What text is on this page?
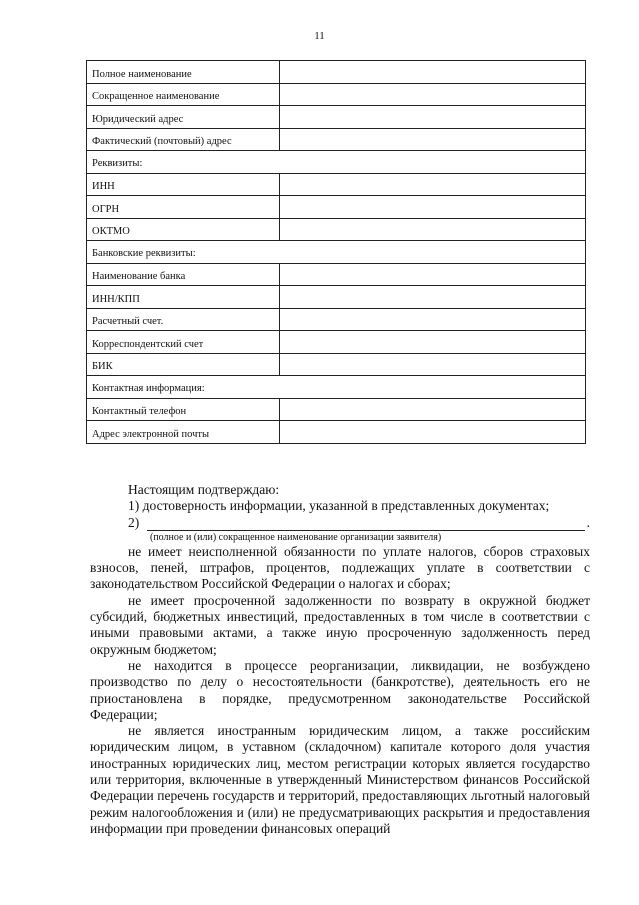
11
Полное наименование	
Сокращенное наименование	
Юридический адрес	
Фактический (почтовый) адрес	
Реквизиты:	
ИНН	
ОГРН	
ОКТМО	
Банковские реквизиты:	
Наименование банка	
ИНН/КПП	
Расчетный счет.	
Корреспондентский счет	
БИК	
Контактная информация:	
Контактный телефон	
Адрес электронной почты	

Настоящим подтверждаю:

1) достоверность информации, указанной в представленных документах;

2)	.

(полное и (или) сокращенное наименование организации заявителя)

не имеет неисполненной обязанности по уплате налогов, сборов страховых взносов, пеней, штрафов, процентов, подлежащих уплате в соответствии с законодательством Российской Федерации о налогах и сборах;

не имеет просроченной задолженности по возврату в окружной бюджет субсидий, бюджетных инвестиций, предоставленных в том числе в соответствии с иными правовыми актами, а также иную просроченную задолженность перед окружным бюджетом;

не находится в процессе реорганизации, ликвидации, не возбуждено производство по делу о несостоятельности (банкротстве), деятельность его не приостановлена в порядке, предусмотренном законодательстве Российской Федерации;

не является иностранным юридическим лицом, а также российским юридическим лицом, в уставном (складочном) капитале которого доля участия иностранных юридических лиц, местом регистрации которых является государство или территория, включенные в утвержденный Министерством финансов Российской Федерации перечень государств и территорий, предоставляющих льготный налоговый режим налогообложения и (или) не предусматривающих раскрытия и предоставления информации при проведении финансовых операций
